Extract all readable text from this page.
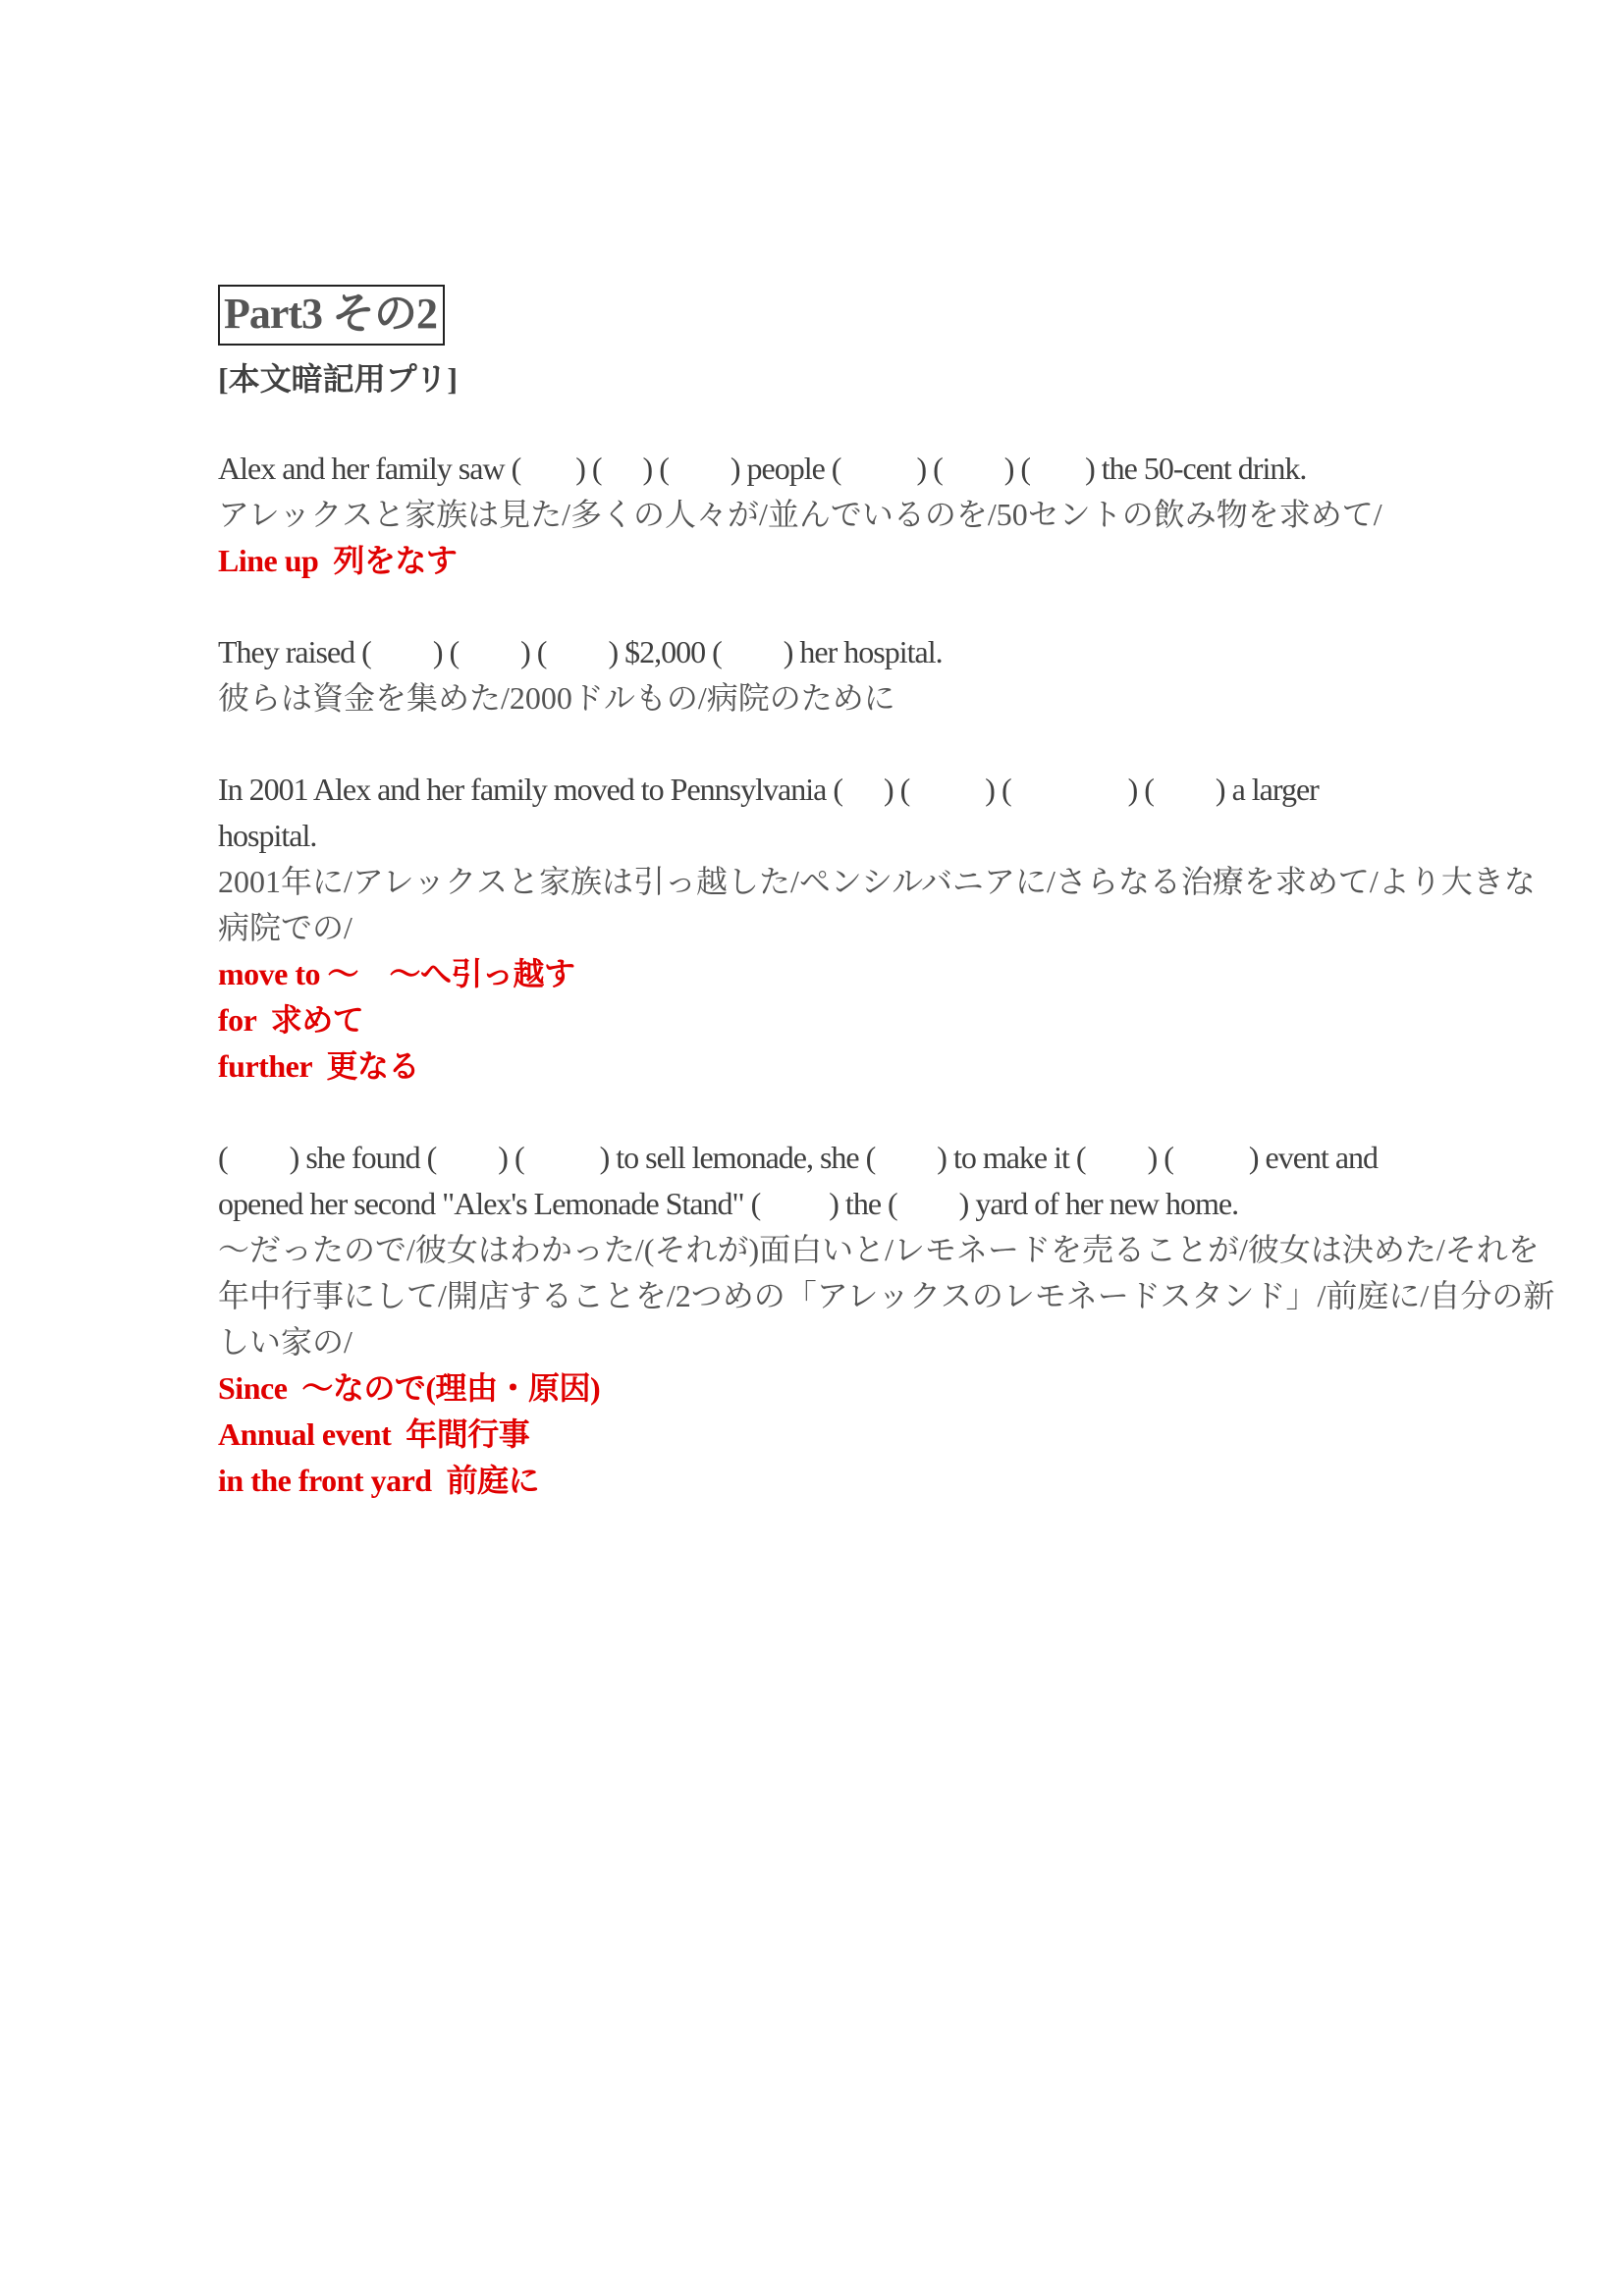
Part3 その2
[本文暗記用プリ]
Alex and her family saw (        ) (      ) (         ) people (           ) (         ) (        ) the 50-cent drink.
アレックスと家族は見た/多くの人々が/並んでいるのを/50セントの飲み物を求めて/
Line up  列をなす
They raised (         ) (         ) (         ) $2,000 (         ) her hospital.
彼らは資金を集めた/2000ドルもの/病院のために
In 2001 Alex and her family moved to Pennsylvania (      ) (           ) (                 ) (         ) a larger
hospital.
2001年に/アレックスと家族は引っ越した/ペンシルバニアに/さらなる治療を求めて/より大きな
病院での/
move to ～　～へ引っ越す
for  求めて
further  更なる
(         ) she found (         ) (           ) to sell lemonade, she (         ) to make it (         ) (           ) event and
opened her second "Alex's Lemonade Stand" (          ) the (         ) yard of her new home.
～だったので/彼女はわかった/(それが)面白いと/レモネードを売ることが/彼女は決めた/それを
年中行事にして/開店することを/2つめの「アレックスのレモネードスタンド」/前庭に/自分の新
しい家の/
Since  ～なので(理由・原因)
Annual event  年間行事
in the front yard  前庭に
